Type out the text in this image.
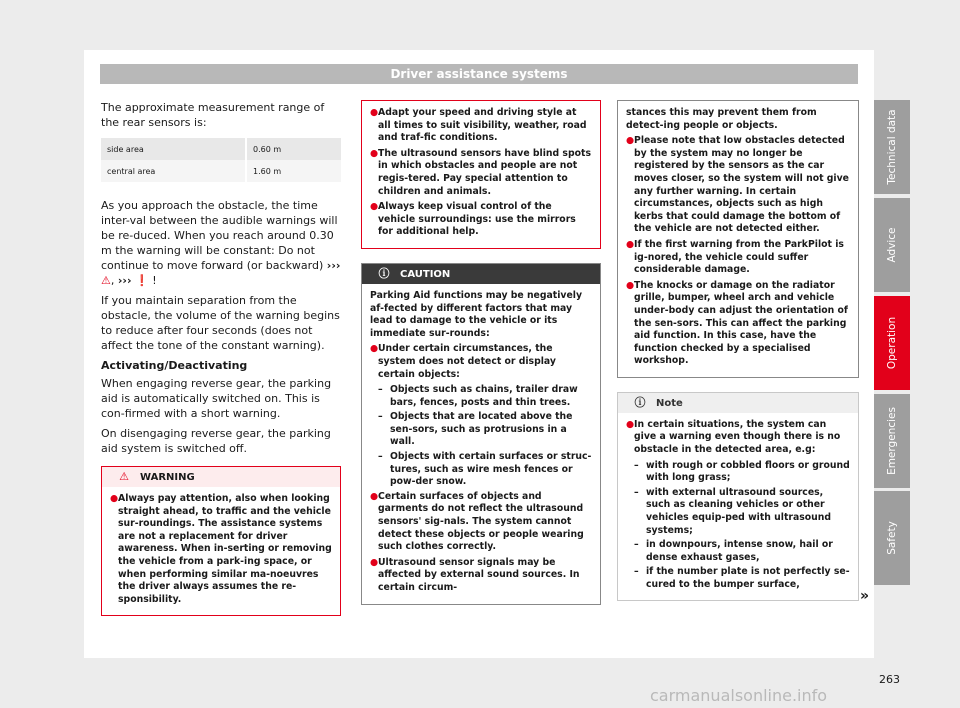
Driver assistance systems

The approximate measurement range of the rear sensors is:

side area	0.60 m
central area	1.60 m

As you approach the obstacle, the time inter-val between the audible warnings will be re-duced. When you reach around 0.30 m the warning will be constant: Do not continue to move forward (or backward) ››› ⚠, ››› ❗ !

If you maintain separation from the obstacle, the volume of the warning begins to reduce after four seconds (does not affect the tone of the constant warning).

Activating/Deactivating

When engaging reverse gear, the parking aid is automatically switched on. This is con-firmed with a short warning.

On disengaging reverse gear, the parking aid system is switched off.

⚠ WARNING
● Always pay attention, also when looking straight ahead, to traffic and the vehicle sur-roundings. The assistance systems are not a replacement for driver awareness. When in-serting or removing the vehicle from a park-ing space, or when performing similar ma-noeuvres the driver always assumes the re-sponsibility.
● Adapt your speed and driving style at all times to suit visibility, weather, road and traf-fic conditions.
● The ultrasound sensors have blind spots in which obstacles and people are not regis-tered. Pay special attention to children and animals.
● Always keep visual control of the vehicle surroundings: use the mirrors for additional help.
ⓘ CAUTION
Parking Aid functions may be negatively af-fected by different factors that may lead to damage to the vehicle or its immediate sur-rounds:
● Under certain circumstances, the system does not detect or display certain objects:
– Objects such as chains, trailer draw bars, fences, posts and thin trees.
– Objects that are located above the sen-sors, such as protrusions in a wall.
– Objects with certain surfaces or struc-tures, such as wire mesh fences or pow-der snow.
● Certain surfaces of objects and garments do not reflect the ultrasound sensors' sig-nals. The system cannot detect these objects or people wearing such clothes correctly.
● Ultrasound sensor signals may be affected by external sound sources. In certain circum-
stances this may prevent them from detect-ing people or objects.
● Please note that low obstacles detected by the system may no longer be registered by the sensors as the car moves closer, so the system will not give any further warning. In certain circumstances, objects such as high kerbs that could damage the bottom of the vehicle are not detected either.
● If the first warning from the ParkPilot is ig-nored, the vehicle could suffer considerable damage.
● The knocks or damage on the radiator grille, bumper, wheel arch and vehicle under-body can adjust the orientation of the sen-sors. This can affect the parking aid function. In this case, have the function checked by a specialised workshop.
ⓘ Note
● In certain situations, the system can give a warning even though there is no obstacle in the detected area, e.g:
– with rough or cobbled floors or ground with long grass;
– with external ultrasound sources, such as cleaning vehicles or other vehicles equip-ped with ultrasound systems;
– in downpours, intense snow, hail or dense exhaust gases,
– if the number plate is not perfectly se-cured to the bumper surface,
Technical data
Advice
Operation
Emergencies
Safety
»
263
carmanualsonline.info
